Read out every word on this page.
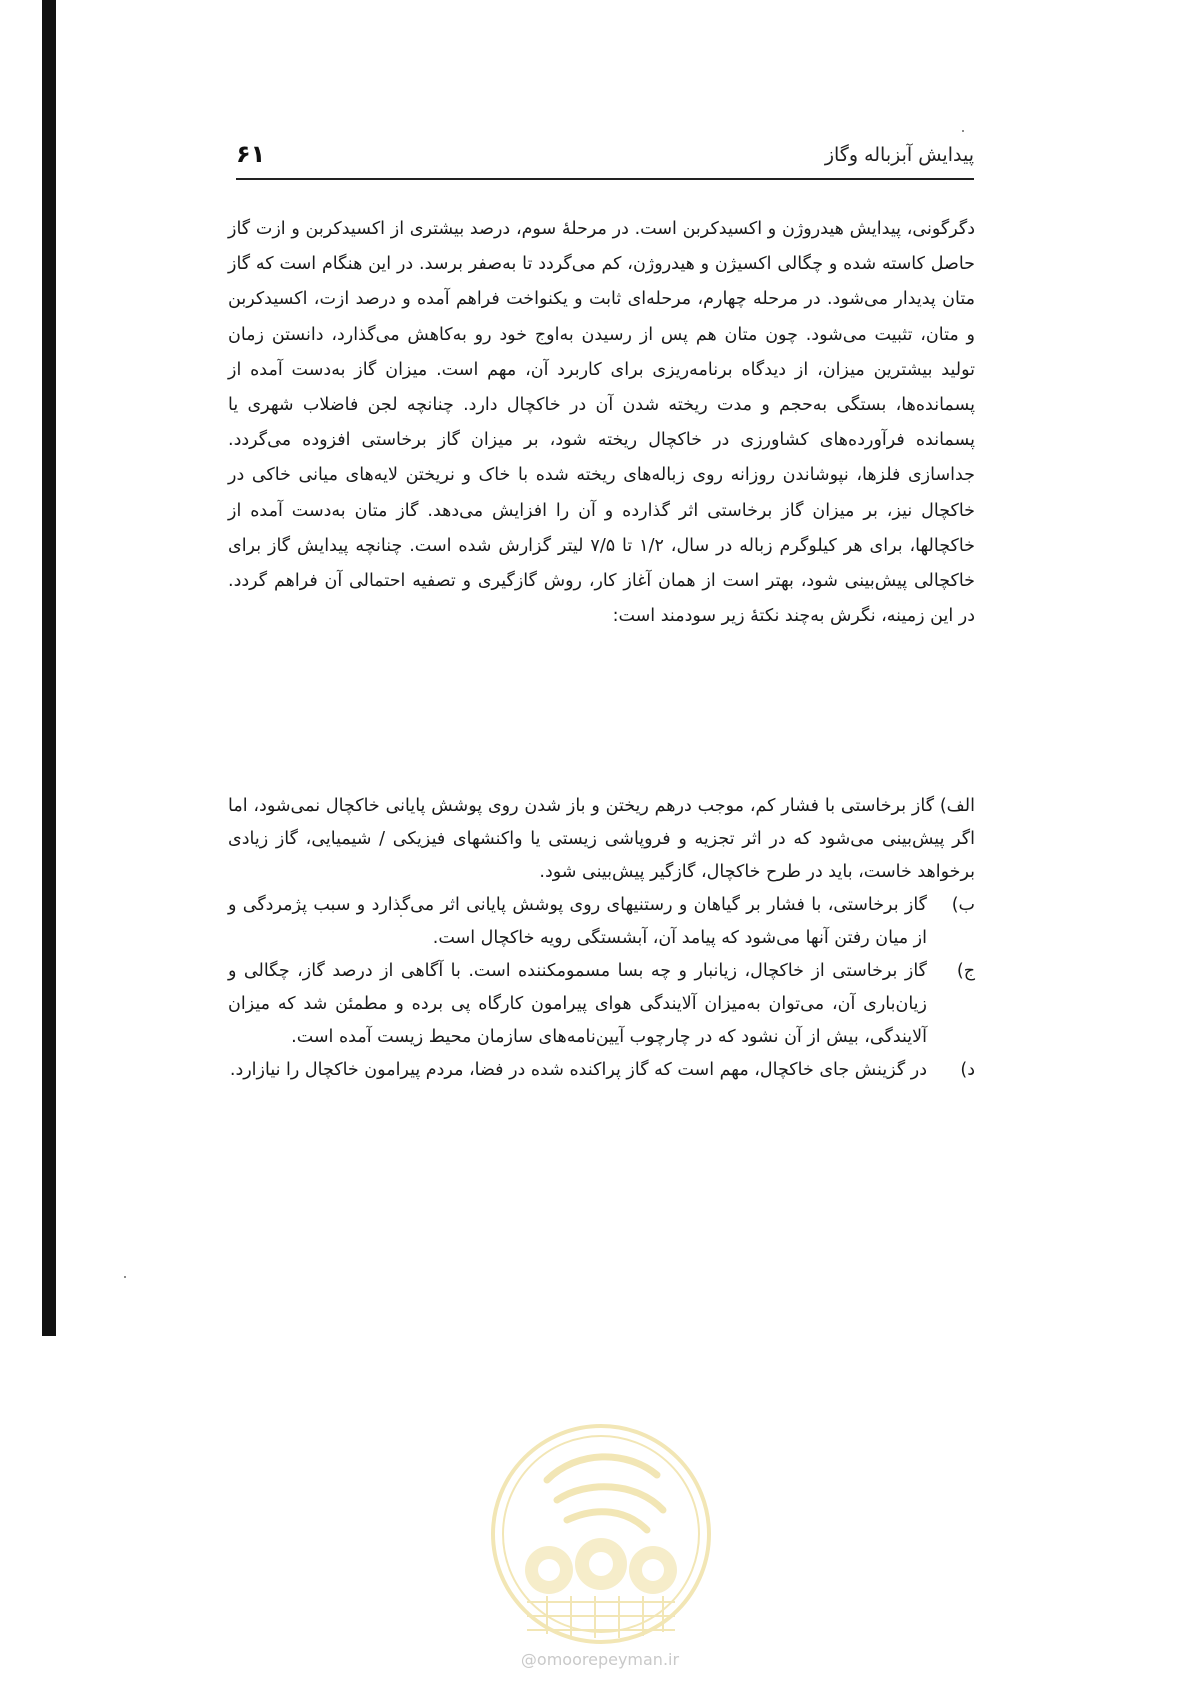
پیدایش آبزباله وگاز
۶۱

دگرگونی، پیدایش هیدروژن و اکسیدکربن است. در مرحلهٔ سوم، درصد بیشتری از اکسیدکربن و ازت گاز حاصل کاسته شده و چگالی اکسیژن و هیدروژن، کم می‌گردد تا به‌صفر برسد. در این هنگام است که گاز متان پدیدار می‌شود. در مرحله چهارم، مرحله‌ای ثابت و یکنواخت فراهم آمده و درصد ازت، اکسیدکربن و متان، تثبیت می‌شود. چون متان هم پس از رسیدن به‌اوج خود رو به‌کاهش می‌گذارد، دانستن زمان تولید بیشترین میزان، از دیدگاه برنامه‌ریزی برای کاربرد آن، مهم است. میزان گاز به‌دست آمده از پسمانده‌ها، بستگی به‌حجم و مدت ریخته شدن آن در خاکچال دارد. چنانچه لجن فاضلاب شهری یا پسمانده فرآورده‌های کشاورزی در خاکچال ریخته شود، بر میزان گاز برخاستی افزوده می‌گردد. جداسازی فلزها، نپوشاندن روزانه روی زباله‌های ریخته شده با خاک و نریختن لایه‌های میانی خاکی در خاکچال نیز، بر میزان گاز برخاستی اثر گذارده و آن را افزایش می‌دهد. گاز متان به‌دست آمده از خاکچالها، برای هر کیلوگرم زباله در سال، ۱/۲ تا ۷/۵ لیتر گزارش شده است. چنانچه پیدایش گاز برای خاکچالی پیش‌بینی شود، بهتر است از همان آغاز کار، روش گازگیری و تصفیه احتمالی آن فراهم گردد. در این زمینه، نگرش به‌چند نکتهٔ زیر سودمند است:

الف) گاز برخاستی با فشار کم، موجب درهم ریختن و باز شدن روی پوشش پایانی خاکچال نمی‌شود، اما اگر پیش‌بینی می‌شود که در اثر تجزیه و فروپاشی زیستی یا واکنشهای فیزیکی / شیمیایی، گاز زیادی برخواهد خاست، باید در طرح خاکچال، گازگیر پیش‌بینی شود.
ب)
گاز برخاستی، با فشار بر گیاهان و رستنیهای روی پوشش پایانی اثر می‌گذارد و سبب پژمردگی و از میان رفتن آنها می‌شود که پیامد آن، آبشستگی رویه خاکچال است.
ج)
گاز برخاستی از خاکچال، زیانبار و چه بسا مسمومکننده است. با آگاهی از درصد گاز، چگالی و زیان‌باری آن، می‌توان به‌میزان آلایندگی هوای پیرامون کارگاه پی برده و مطمئن شد که میزان آلایندگی، بیش از آن نشود که در چارچوب آیین‌نامه‌های سازمان محیط زیست آمده است.
د)
در گزینش جای خاکچال، مهم است که گاز پراکنده شده در فضا، مردم پیرامون خاکچال را نیازارد.
@omoorepeyman.ir
